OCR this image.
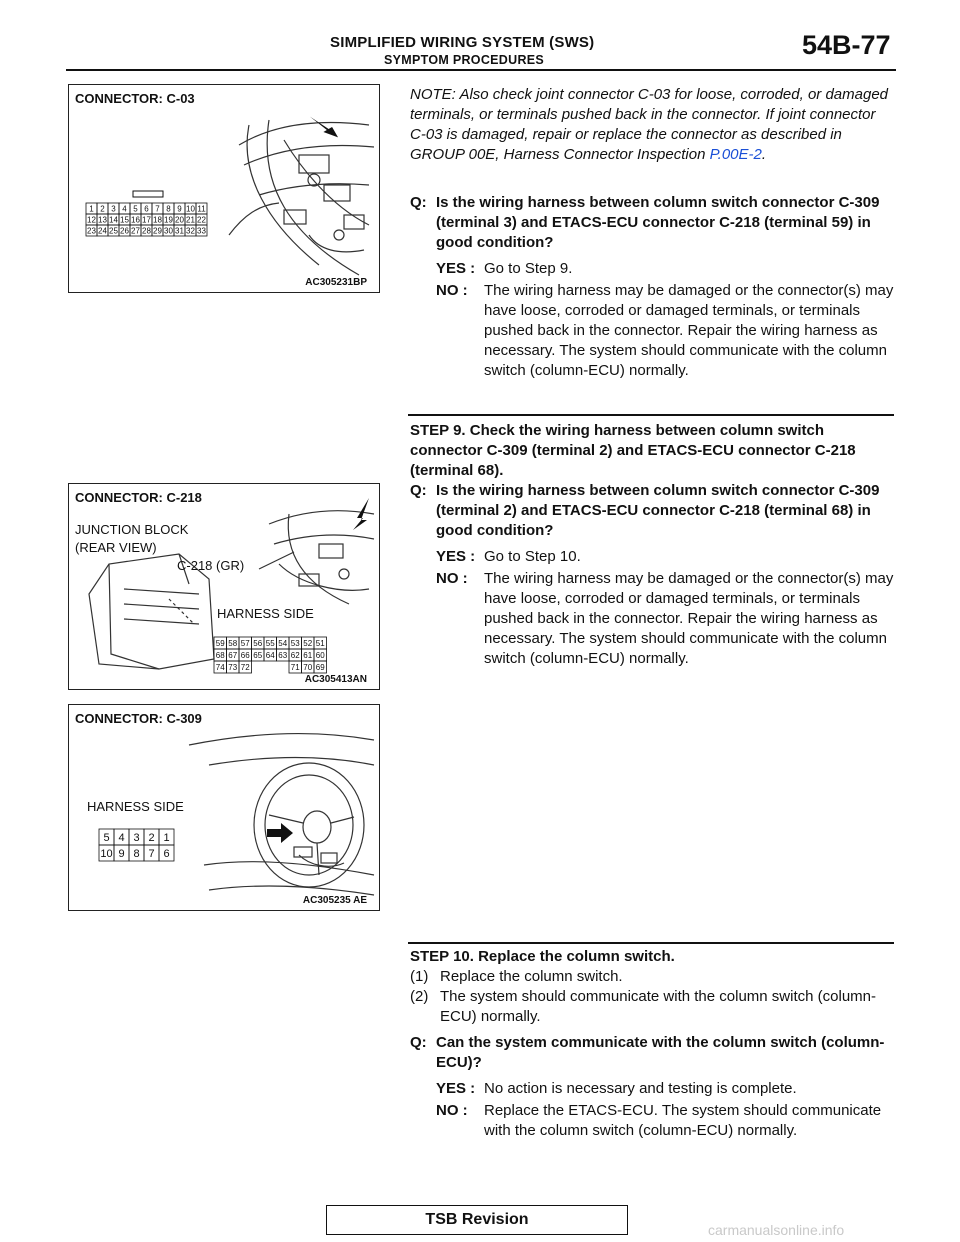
SIMPLIFIED WIRING SYSTEM (SWS)
SYMPTOM PROCEDURES	54B-77
1 2 3 4 5 6 7 8 9 10 11
12 13 14 15 16 17 18 19 20 21 22
23 24 25 26 27 28 29 30 31 32 33
CONNECTOR: C-03
AC305231BP
NOTE: Also check joint connector C-03 for loose, corroded, or damaged terminals, or terminals pushed back in the connector. If joint connector C-03 is damaged, repair or replace the connector as described in GROUP 00E, Harness Connector Inspection P.00E-2.
Q: Is the wiring harness between column switch connector C-309 (terminal 3) and ETACS-ECU connector C-218 (terminal 59) in good condition?
YES : Go to Step 9.
NO :	The wiring harness may be damaged or the connector(s) may have loose, corroded or damaged terminals, or terminals pushed back in the connector. Repair the wiring harness as necessary. The system should communicate with the column switch (column-ECU) normally.
STEP 9. Check the wiring harness between column switch connector C-309 (terminal 2) and ETACS-ECU connector C-218 (terminal 68).
Q: Is the wiring harness between column switch connector C-309 (terminal 2) and ETACS-ECU connector C-218 (terminal 68) in good condition?
YES : Go to Step 10.
NO :	The wiring harness may be damaged or the connector(s) may have loose, corroded or damaged terminals, or terminals pushed back in the connector. Repair the wiring harness as necessary. The system should communicate with the column switch (column-ECU) normally.
59 58 57 56 55 54 53 52 51
68 67 66 65 64 63 62 61 60
74 73 72	71 70 69
CONNECTOR: C-218
JUNCTION BLOCK
(REAR VIEW)
C-218 (GR)
HARNESS SIDE
AC305413AN
5 4 3 2 1
10 9 8 7 6
CONNECTOR: C-309
HARNESS SIDE
AC305235 AE
STEP 10. Replace the column switch.
(1) Replace the column switch.
(2) The system should communicate with the column switch (column-ECU) normally.
Q: Can the system communicate with the column switch (column-ECU)?
YES : No action is necessary and testing is complete.
NO :	Replace the ETACS-ECU. The system should communicate with the column switch (column-ECU) normally.
TSB Revision
carmanualsonline.info
